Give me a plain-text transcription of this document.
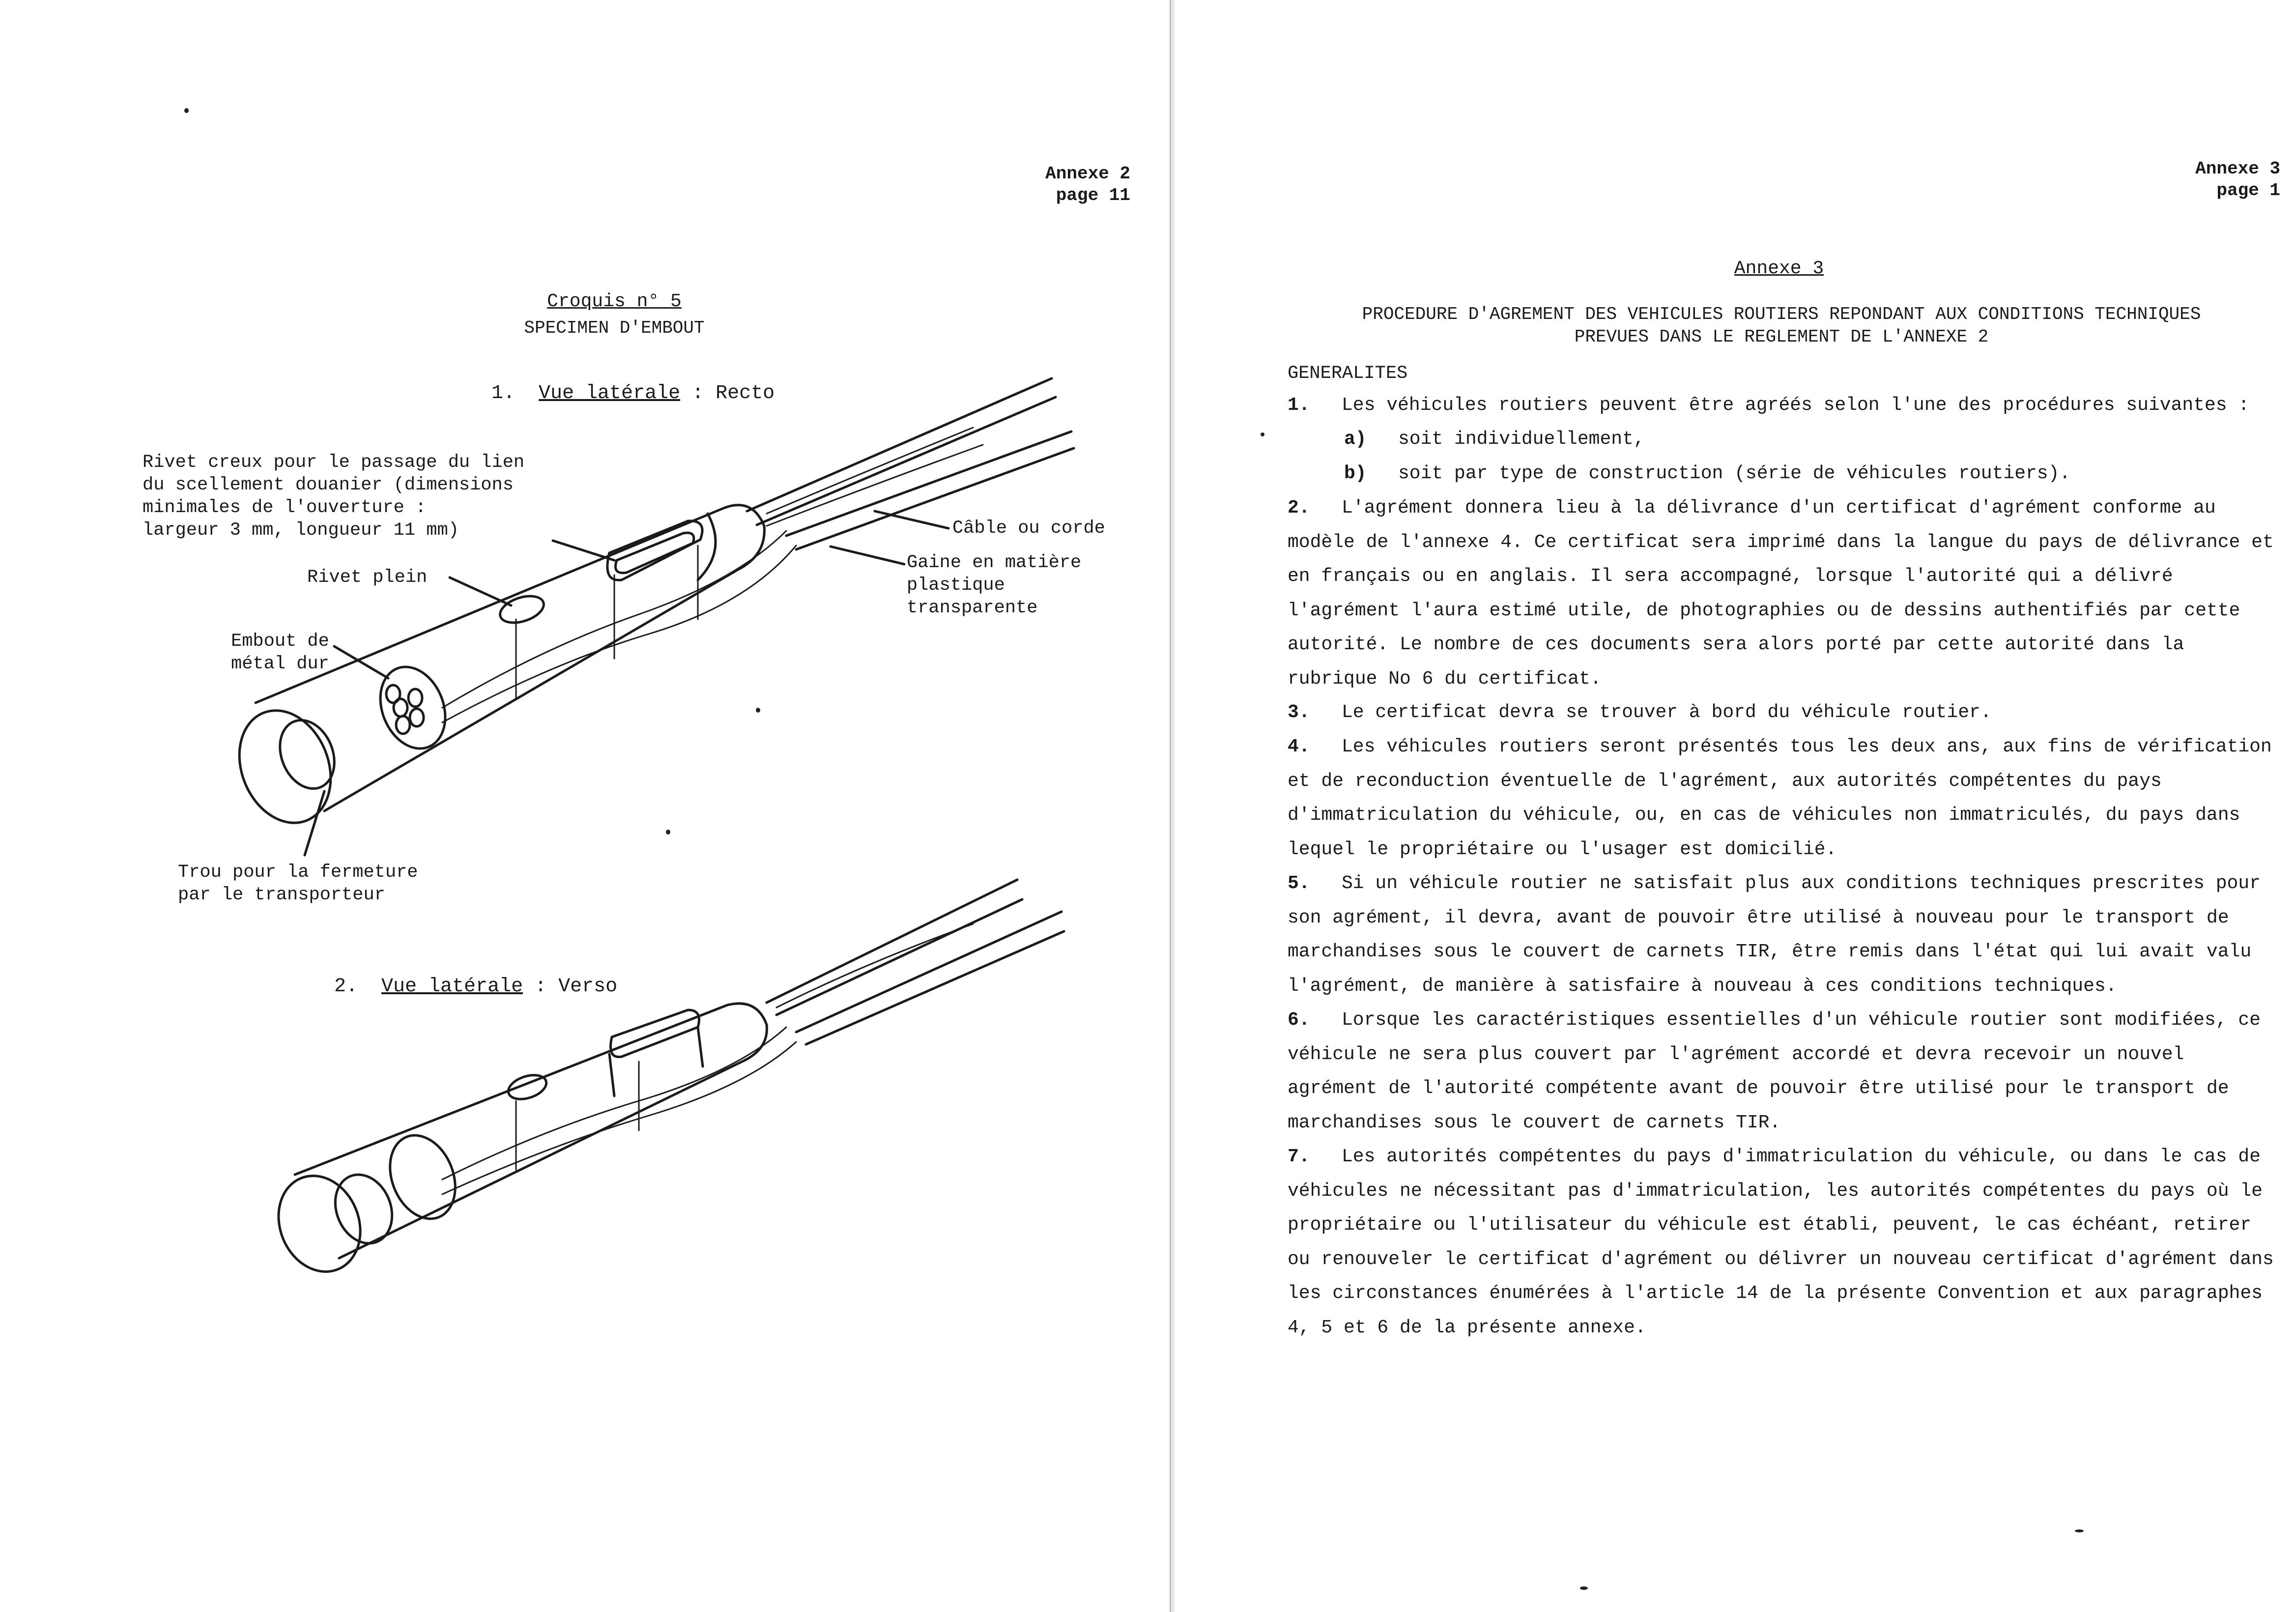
Annexe 2
page 11
Croquis n° 5
SPECIMEN D'EMBOUT
1. Vue latérale : Recto
Rivet creux pour le passage du lien
du scellement douanier (dimensions
minimales de l'ouverture :
largeur 3 mm, longueur 11 mm)
Rivet plein
Embout de
métal dur
Trou pour la fermeture
par le transporteur
Câble ou corde
Gaine en matière
plastique
transparente
2. Vue latérale : Verso
Annexe 3
page 1
Annexe 3
PROCEDURE D'AGREMENT DES VEHICULES ROUTIERS REPONDANT AUX CONDITIONS TECHNIQUES
PREVUES DANS LE REGLEMENT DE L'ANNEXE 2
GENERALITES
1. Les véhicules routiers peuvent être agréés selon l'une des procédures suivantes :
a) soit individuellement,
b) soit par type de construction (série de véhicules routiers).
2. L'agrément donnera lieu à la délivrance d'un certificat d'agrément conforme au modèle de l'annexe 4. Ce certificat sera imprimé dans la langue du pays de délivrance et en français ou en anglais. Il sera accompagné, lorsque l'autorité qui a délivré l'agrément l'aura estimé utile, de photographies ou de dessins authentifiés par cette autorité. Le nombre de ces documents sera alors porté par cette autorité dans la rubrique No 6 du certificat.
3. Le certificat devra se trouver à bord du véhicule routier.
4. Les véhicules routiers seront présentés tous les deux ans, aux fins de vérification et de reconduction éventuelle de l'agrément, aux autorités compétentes du pays d'immatriculation du véhicule, ou, en cas de véhicules non immatriculés, du pays dans lequel le propriétaire ou l'usager est domicilié.
5. Si un véhicule routier ne satisfait plus aux conditions techniques prescrites pour son agrément, il devra, avant de pouvoir être utilisé à nouveau pour le transport de marchandises sous le couvert de carnets TIR, être remis dans l'état qui lui avait valu l'agrément, de manière à satisfaire à nouveau à ces conditions techniques.
6. Lorsque les caractéristiques essentielles d'un véhicule routier sont modifiées, ce véhicule ne sera plus couvert par l'agrément accordé et devra recevoir un nouvel agrément de l'autorité compétente avant de pouvoir être utilisé pour le transport de marchandises sous le couvert de carnets TIR.
7. Les autorités compétentes du pays d'immatriculation du véhicule, ou dans le cas de véhicules ne nécessitant pas d'immatriculation, les autorités compétentes du pays où le propriétaire ou l'utilisateur du véhicule est établi, peuvent, le cas échéant, retirer ou renouveler le certificat d'agrément ou délivrer un nouveau certificat d'agrément dans les circonstances énumérées à l'article 14 de la présente Convention et aux paragraphes 4, 5 et 6 de la présente annexe.
